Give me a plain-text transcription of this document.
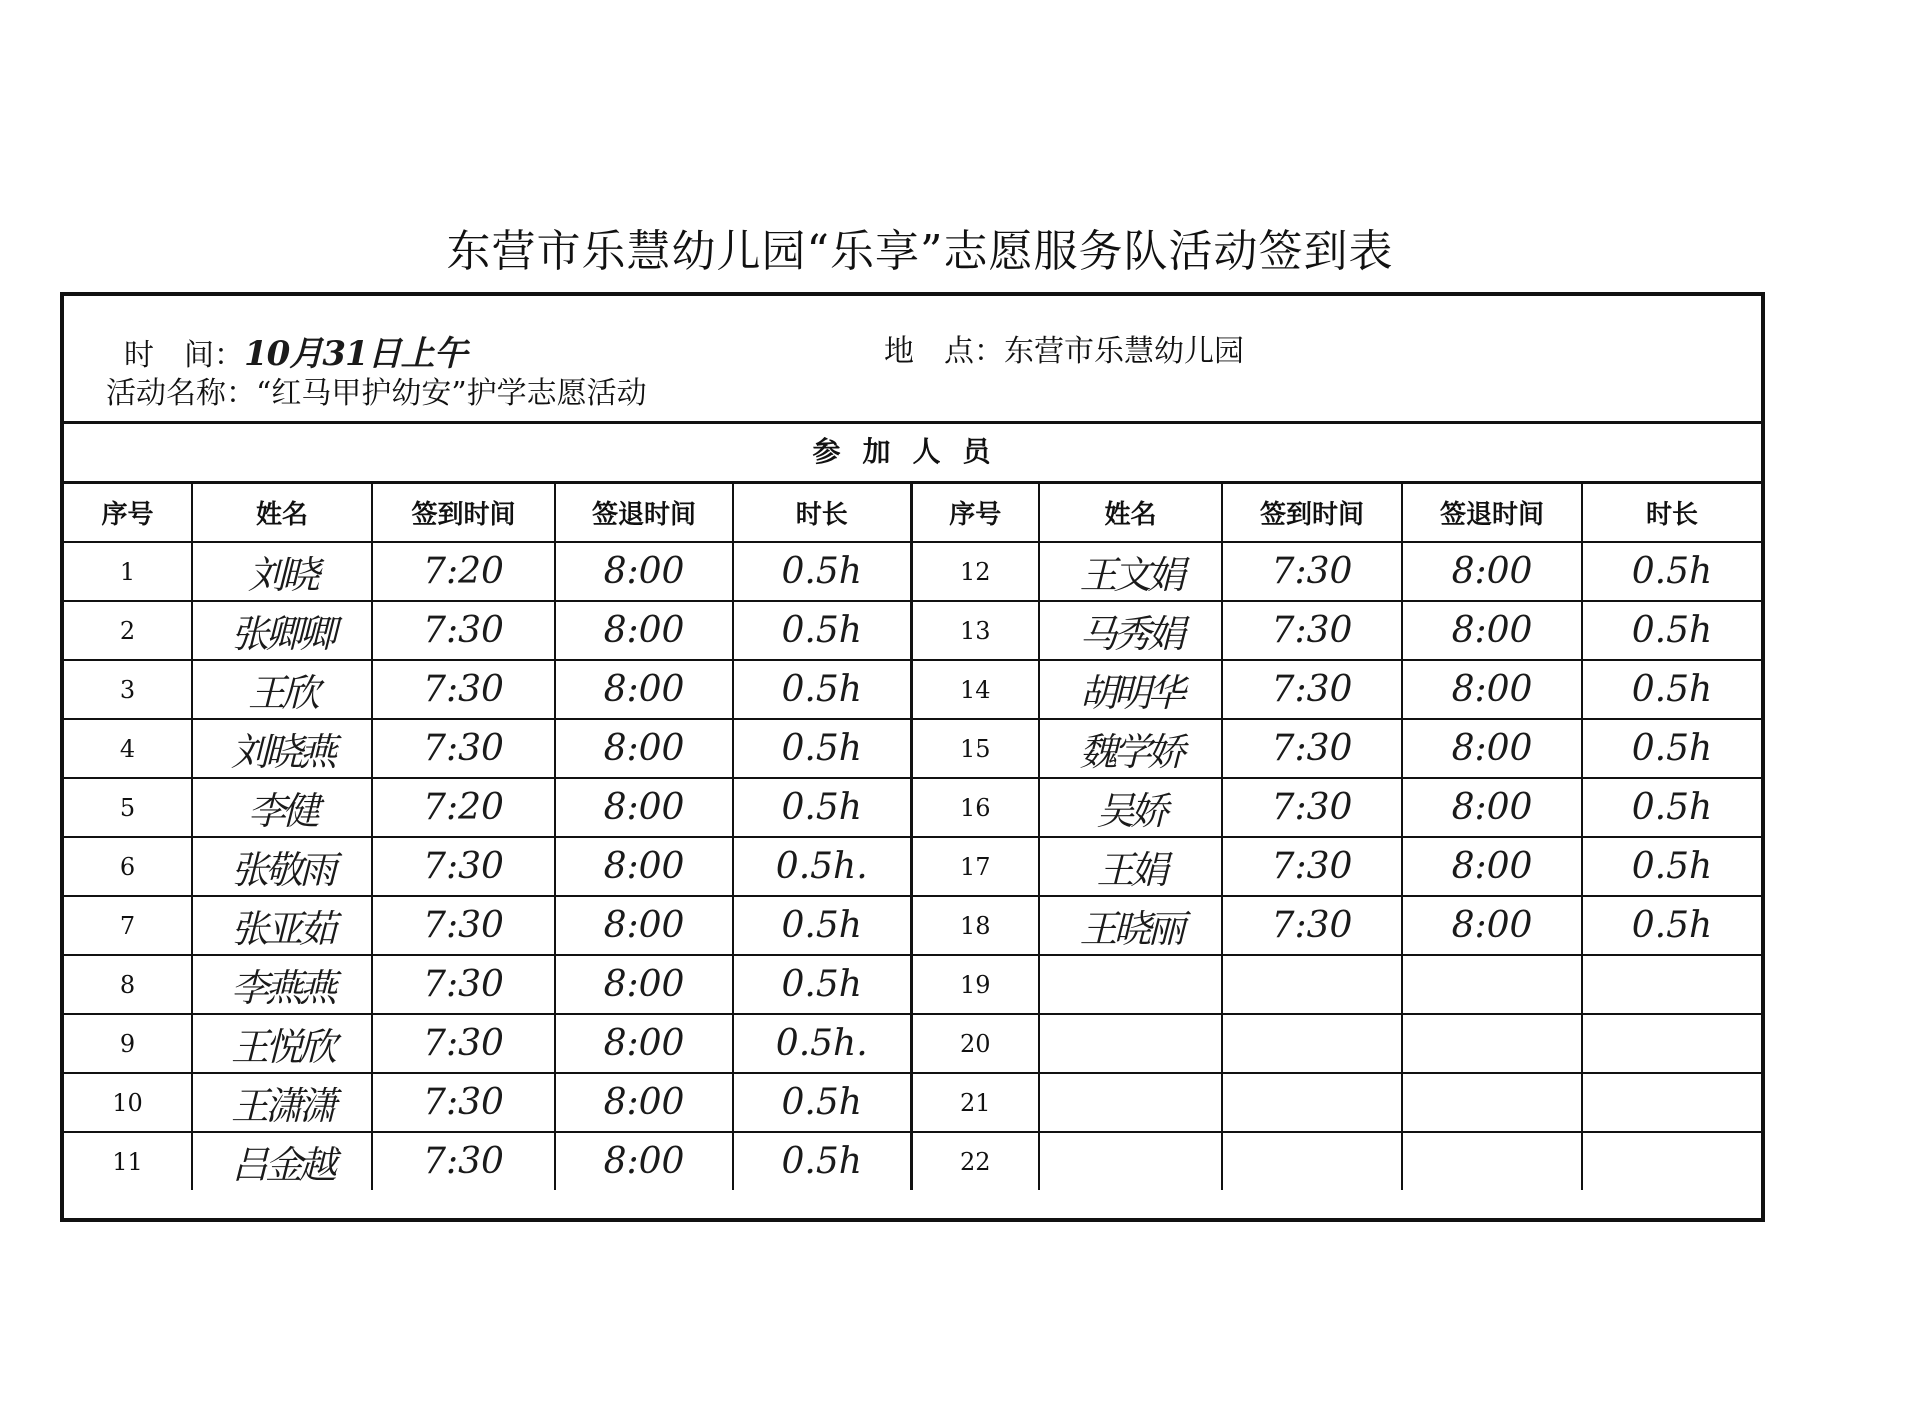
东营市乐慧幼儿园“乐享”志愿服务队活动签到表
时　间：10月31日上午	地　点：东营市乐慧幼儿园
活动名称：“红马甲护幼安”护学志愿活动
参加人员
序号	姓名	签到时间	签退时间	时长	序号	姓名	签到时间	签退时间	时长
1	刘晓	7:20	8:00	0.5h	12	王文娟	7:30	8:00	0.5h
2	张卿卿	7:30	8:00	0.5h	13	马秀娟	7:30	8:00	0.5h
3	王欣	7:30	8:00	0.5h	14	胡明华	7:30	8:00	0.5h
4	刘晓燕	7:30	8:00	0.5h	15	魏学娇	7:30	8:00	0.5h
5	李健	7:20	8:00	0.5h	16	吴娇	7:30	8:00	0.5h
6	张敬雨	7:30	8:00	0.5h.	17	王娟	7:30	8:00	0.5h
7	张亚茹	7:30	8:00	0.5h	18	王晓丽	7:30	8:00	0.5h
8	李燕燕	7:30	8:00	0.5h	19				
9	王悦欣	7:30	8:00	0.5h.	20				
10	王潇潇	7:30	8:00	0.5h	21				
11	吕金越	7:30	8:00	0.5h	22				
